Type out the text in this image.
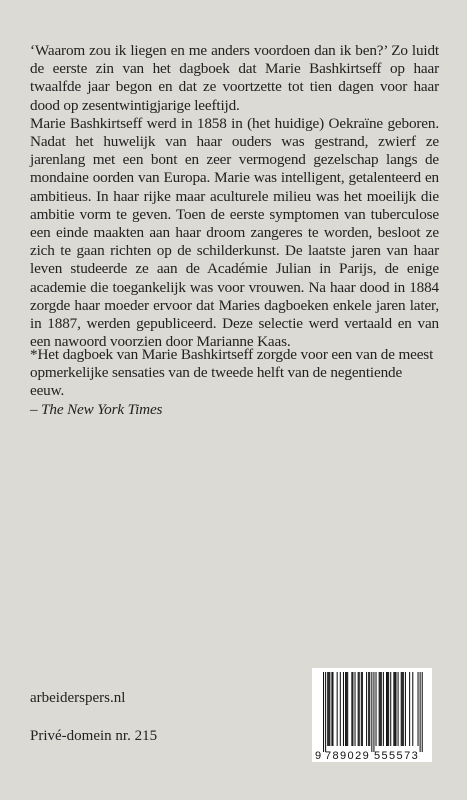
‘Waarom zou ik liegen en me anders voordoen dan ik ben?’ Zo luidt de eerste zin van het dagboek dat Marie Bashkirtseff op haar twaalfde jaar begon en dat ze voortzette tot tien dagen voor haar dood op zesentwintigjarige leeftijd.

Marie Bashkirtseff werd in 1858 in (het huidige) Oekraïne geboren. Nadat het huwelijk van haar ouders was gestrand, zwierf ze jarenlang met een bont en zeer vermogend gezelschap langs de mondaine oorden van Europa. Marie was intelligent, getalenteerd en ambitieus. In haar rijke maar aculturele milieu was het moeilijk die ambitie vorm te geven. Toen de eerste symptomen van tuberculose een einde maakten aan haar droom zangeres te worden, besloot ze zich te gaan richten op de schilderkunst. De laatste jaren van haar leven studeerde ze aan de Académie Julian in Parijs, de enige academie die toegankelijk was voor vrouwen. Na haar dood in 1884 zorgde haar moeder ervoor dat Maries dagboeken enkele jaren later, in 1887, werden gepubliceerd. Deze selectie werd vertaald en van een nawoord voorzien door Marianne Kaas.

*Het dagboek van Marie Bashkirtseff zorgde voor een van de meest opmerkelijke sensaties van de tweede helft van de negentiende eeuw.

– The New York Times

arbeiderspers.nl
Privé-domein nr. 215
9 789029 555573
